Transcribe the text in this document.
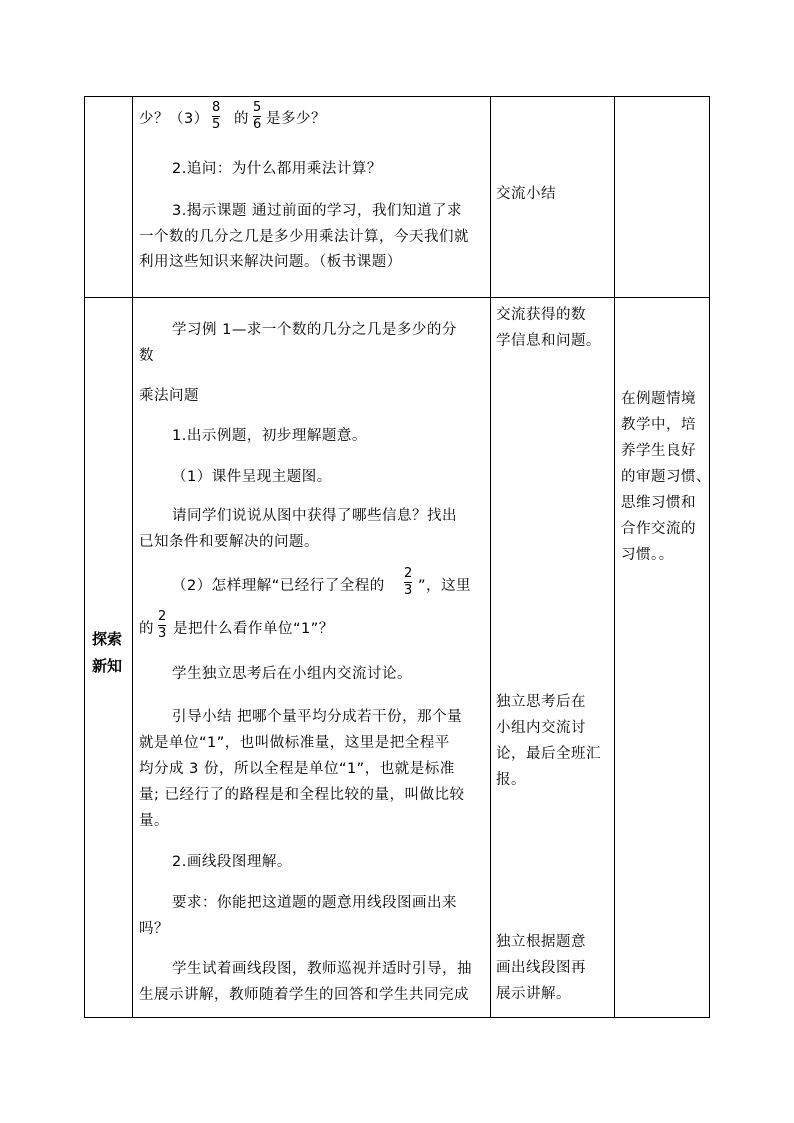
少？（3）
8
5 的
5
6 是多少？
2.追问：为什么都用乘法计算？
3.揭示课题 通过前面的学习，我们知道了求
一个数的几分之几是多少用乘法计算，今天我们就
利用这些知识来解决问题。（板书课题）
交流小结
探索
新知
学习例 1—求一个数的几分之几是多少的分
数
乘法问题
1.出示例题，初步理解题意。
（1）课件呈现主题图。
请同学们说说从图中获得了哪些信息？找出
已知条件和要解决的问题。
（2）怎样理解“已经行了全程的
2
3 ”，这里
的
2
3 是把什么看作单位“1”？
学生独立思考后在小组内交流讨论。
引导小结 把哪个量平均分成若干份，那个量
就是单位“1”，也叫做标准量，这里是把全程平
均分成 3 份，所以全程是单位“1”，也就是标准
量; 已经行了的路程是和全程比较的量，叫做比较
量。
2.画线段图理解。
要求：你能把这道题的题意用线段图画出来
吗？
学生试着画线段图，教师巡视并适时引导，抽
生展示讲解，教师随着学生的回答和学生共同完成
交流获得的数
学信息和问题。
独立思考后在
小组内交流讨
论，最后全班汇
报。
独立根据题意
画出线段图再
展示讲解。
在例题情境
教学中，培
养学生良好
的审题习惯、
思维习惯和
合作交流的
习惯。。
